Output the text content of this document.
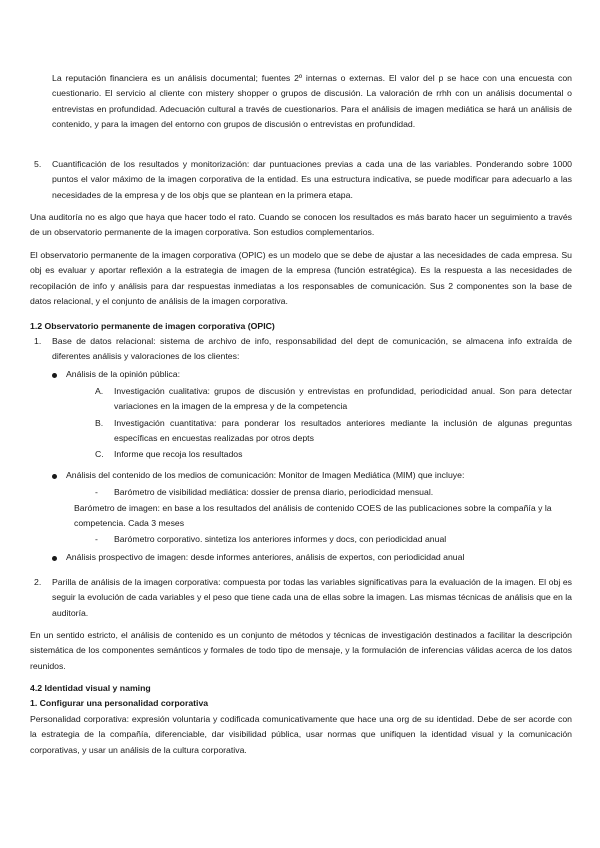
La reputación financiera es un análisis documental; fuentes 2º internas o externas. El valor del p se hace con una encuesta con cuestionario. El servicio al cliente con mistery shopper o grupos de discusión. La valoración de rrhh con un análisis documental o entrevistas en profundidad. Adecuación cultural a través de cuestionarios. Para el análisis de imagen mediática se hará un análisis de contenido, y para la imagen del entorno con grupos de discusión o entrevistas en profundidad.

5. Cuantificación de los resultados y monitorización: dar puntuaciones previas a cada una de las variables. Ponderando sobre 1000 puntos el valor máximo de la imagen corporativa de la entidad. Es una estructura indicativa, se puede modificar para adecuarlo a las necesidades de la empresa y de los objs que se plantean en la primera etapa.

Una auditoría no es algo que haya que hacer todo el rato. Cuando se conocen los resultados es más barato hacer un seguimiento a través de un observatorio permanente de la imagen corporativa. Son estudios complementarios.

El observatorio permanente de la imagen corporativa (OPIC) es un modelo que se debe de ajustar a las necesidades de cada empresa. Su obj es evaluar y aportar reflexión a la estrategia de imagen de la empresa (función estratégica). Es la respuesta a las necesidades de recopilación de info y análisis para dar respuestas inmediatas a los responsables de comunicación. Sus 2 componentes son la base de datos relacional, y el conjunto de análisis de la imagen corporativa.

1.2 Observatorio permanente de imagen corporativa (OPIC)
1. Base de datos relacional: sistema de archivo de info, responsabilidad del dept de comunicación, se almacena info extraída de diferentes análisis y valoraciones de los clientes:

Análisis de la opinión pública:
A. Investigación cualitativa: grupos de discusión y entrevistas en profundidad, periodicidad anual. Son para detectar variaciones en la imagen de la empresa y de la competencia

B. Investigación cuantitativa: para ponderar los resultados anteriores mediante la inclusión de algunas preguntas específicas en encuestas realizadas por otros depts

C. Informe que recoja los resultados
Análisis del contenido de los medios de comunicación: Monitor de Imagen Mediática (MIM) que incluye:
- Barómetro de visibilidad mediática: dossier de prensa diario, periodicidad mensual.

Barómetro de imagen: en base a los resultados del análisis de contenido COES de las publicaciones sobre la compañía y la competencia. Cada 3 meses

- Barómetro corporativo. sintetiza los anteriores informes y docs, con periodicidad anual
Análisis prospectivo de imagen: desde informes anteriores, análisis de expertos, con periodicidad anual
2. Parilla de análisis de la imagen corporativa: compuesta por todas las variables significativas para la evaluación de la imagen. El obj es seguir la evolución de cada variables y el peso que tiene cada una de ellas sobre la imagen. Las mismas técnicas de análisis que en la auditoría.

En un sentido estricto, el análisis de contenido es un conjunto de métodos y técnicas de investigación destinados a facilitar la descripción sistemática de los componentes semánticos y formales de todo tipo de mensaje, y la formulación de inferencias válidas acerca de los datos reunidos.

4.2 Identidad visual y naming
1. Configurar una personalidad corporativa

Personalidad corporativa: expresión voluntaria y codificada comunicativamente que hace una org de su identidad. Debe de ser acorde con la estrategia de la compañía, diferenciable, dar visibilidad pública, usar normas que unifiquen la identidad visual y la comunicación corporativas, y usar un análisis de la cultura corporativa.
